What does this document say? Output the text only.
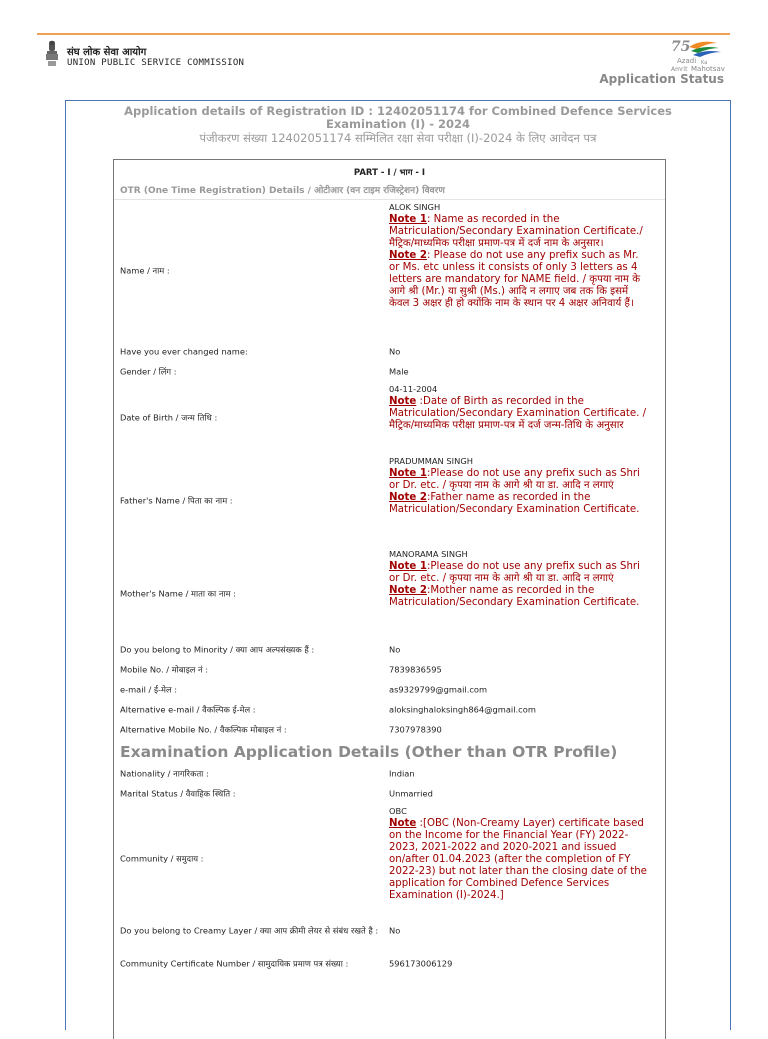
संघ लोक सेवा आयोग
UNION PUBLIC SERVICE COMMISSION
75
Azadi Ka
Amrit Mahotsav
Application Status
Application details of Registration ID : 12402051174 for Combined Defence Services
Examination (I) - 2024
पंजीकरण संख्या 12402051174 सम्मिलित रक्षा सेवा परीक्षा (I)-2024 के लिए आवेदन पत्र
PART - I / भाग - I
OTR (One Time Registration) Details / ओटीआर (वन टाइम रजिस्ट्रेशन) विवरण
Name / नाम :
ALOK SINGH
Note 1: Name as recorded in the Matriculation/Secondary Examination Certificate./ मैट्रिक/माध्यमिक परीक्षा प्रमाण-पत्र में दर्ज नाम के अनुसार।
Note 2: Please do not use any prefix such as Mr. or Ms. etc unless it consists of only 3 letters as 4 letters are mandatory for NAME field. / कृपया नाम के आगे श्री (Mr.) या सुश्री (Ms.) आदि न लगाए जब तक कि इसमें केवल 3 अक्षर ही हो क्योंकि नाम के स्थान पर 4 अक्षर अनिवार्य हैं।
Have you ever changed name:	No
Gender / लिंग :	Male
Date of Birth / जन्म तिथि :
04-11-2004
Note :Date of Birth as recorded in the Matriculation/Secondary Examination Certificate. / मैट्रिक/माध्यमिक परीक्षा प्रमाण-पत्र में दर्ज जन्म-तिथि के अनुसार
Father's Name / पिता का नाम :
PRADUMMAN SINGH
Note 1:Please do not use any prefix such as Shri or Dr. etc. / कृपया नाम के आगे श्री या डा. आदि न लगाएं
Note 2:Father name as recorded in the Matriculation/Secondary Examination Certificate.
Mother's Name / माता का नाम :
MANORAMA SINGH
Note 1:Please do not use any prefix such as Shri or Dr. etc. / कृपया नाम के आगे श्री या डा. आदि न लगाएं
Note 2:Mother name as recorded in the Matriculation/Secondary Examination Certificate.
Do you belong to Minority / क्या आप अल्पसंख्यक हैं :	No
Mobile No. / मोबाइल नं :	7839836595
e-mail / ई-मेल :	as9329799@gmail.com
Alternative e-mail / वैकल्पिक ई-मेल :	aloksinghaloksingh864@gmail.com
Alternative Mobile No. / वैकल्पिक मोबाइल नं :	7307978390
Examination Application Details (Other than OTR Profile)
Nationality / नागरिकता :	Indian
Marital Status / वैवाहिक स्थिति :	Unmarried
Community / समुदाय :
OBC
Note :[OBC (Non-Creamy Layer) certificate based on the Income for the Financial Year (FY) 2022-2023, 2021-2022 and 2020-2021 and issued on/after 01.04.2023 (after the completion of FY 2022-23) but not later than the closing date of the application for Combined Defence Services Examination (I)-2024.]
Do you belong to Creamy Layer / क्या आप क्रीमी लेयर से संबंध रखते है :	No
Community Certificate Number / सामुदायिक प्रमाण पत्र संख्या :	596173006129
